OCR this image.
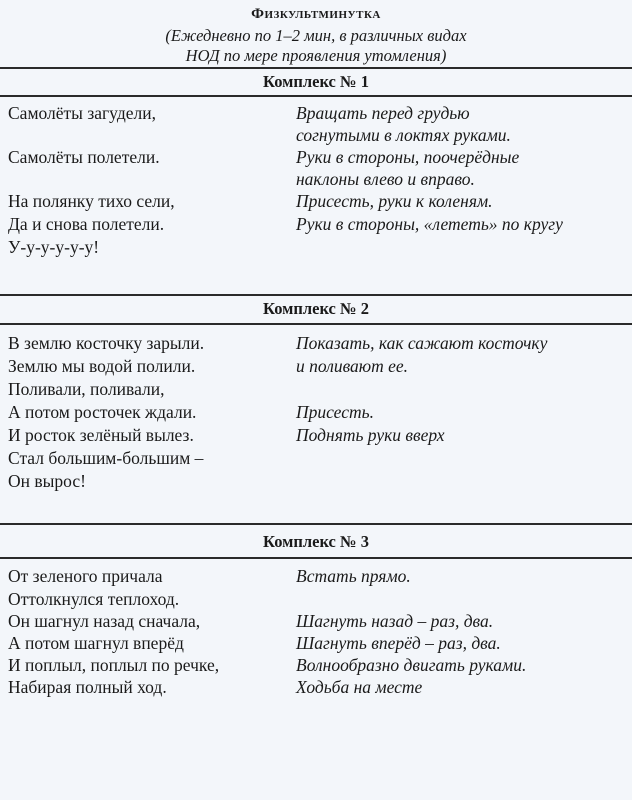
Физкультминутка
(Ежедневно по 1–2 мин, в различных видах
НОД по мере проявления утомления)
Комплекс № 1
Самолёты загудели,
Самолёты полетели.
На полянку тихо сели,
Да и снова полетели.
У-у-у-у-у-у!
Вращать перед грудью
согнутыми в локтях руками.
Руки в стороны, поочерёдные
наклоны влево и вправо.
Присесть, руки к коленям.
Руки в стороны, «лететь» по кругу
Комплекс № 2
В землю косточку зарыли.
Землю мы водой полили.
Поливали, поливали,
А потом росточек ждали.
И росток зелёный вылез.
Стал большим-большим –
Он вырос!
Показать, как сажают косточку
и поливают ее.
Присесть.
Поднять руки вверх
Комплекс № 3
От зеленого причала
Оттолкнулся теплоход.
Он шагнул назад сначала,
А потом шагнул вперёд
И поплыл, поплыл по речке,
Набирая полный ход.
Встать прямо.
Шагнуть назад – раз, два.
Шагнуть вперёд – раз, два.
Волнообразно двигать руками.
Ходьба на месте
